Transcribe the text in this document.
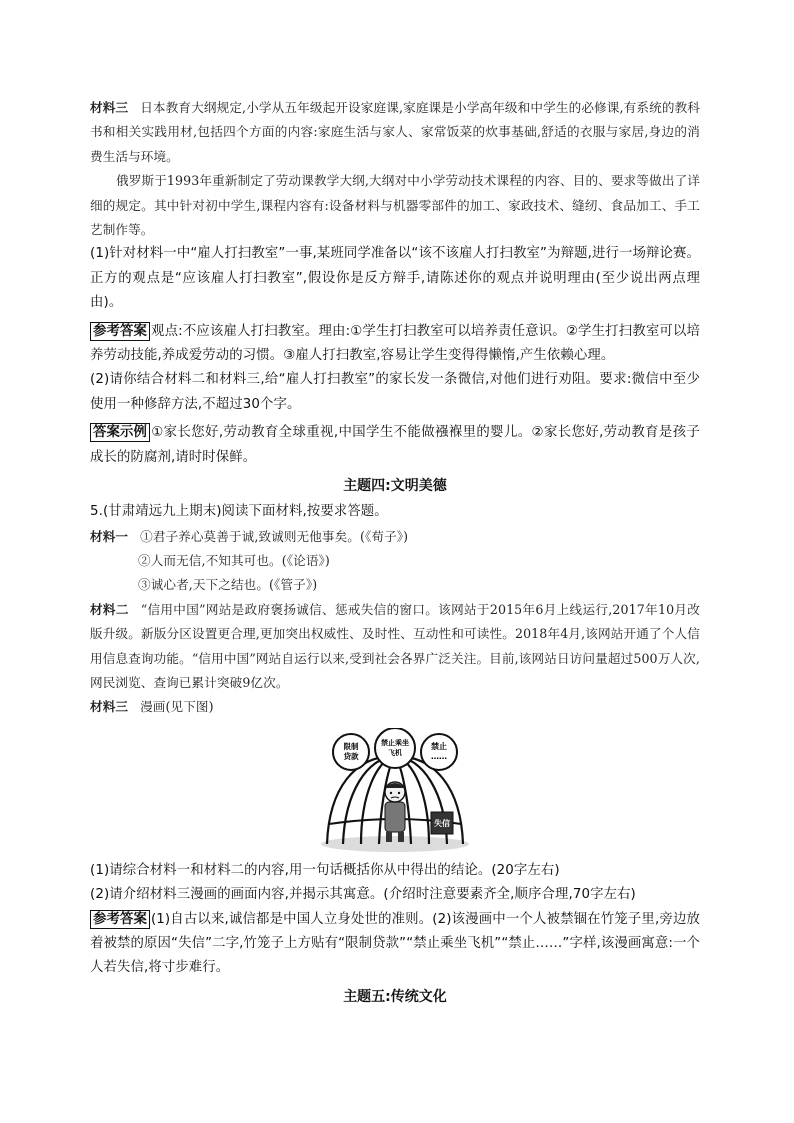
材料三 日本教育大纲规定,小学从五年级起开设家庭课,家庭课是小学高年级和中学生的必修课,有系统的教科书和相关实践用材,包括四个方面的内容:家庭生活与家人、家常饭菜的炊事基础,舒适的衣服与家居,身边的消费生活与环境。

俄罗斯于1993年重新制定了劳动课教学大纲,大纲对中小学劳动技术课程的内容、目的、要求等做出了详细的规定。其中针对初中学生,课程内容有:设备材料与机器零部件的加工、家政技术、缝纫、食品加工、手工艺制作等。

(1)针对材料一中“雇人打扫教室”一事,某班同学准备以“该不该雇人打扫教室”为辩题,进行一场辩论赛。正方的观点是“应该雇人打扫教室”,假设你是反方辩手,请陈述你的观点并说明理由(至少说出两点理由)。

参考答案 观点:不应该雇人打扫教室。理由:①学生打扫教室可以培养责任意识。②学生打扫教室可以培养劳动技能,养成爱劳动的习惯。③雇人打扫教室,容易让学生变得得懒惰,产生依赖心理。

(2)请你结合材料二和材料三,给“雇人打扫教室”的家长发一条微信,对他们进行劝阻。要求:微信中至少使用一种修辞方法,不超过30个字。

答案示例 ①家长您好,劳动教育全球重视,中国学生不能做襁褓里的婴儿。②家长您好,劳动教育是孩子成长的防腐剂,请时时保鲜。

主题四:文明美德

5.(甘肃靖远九上期末)阅读下面材料,按要求答题。

材料一 ①君子养心莫善于诚,致诚则无他事矣。(《荀子》)

②人而无信,不知其可也。(《论语》)

③诚心者,天下之结也。(《管子》)

材料二 “信用中国”网站是政府褒扬诚信、惩戒失信的窗口。该网站于2015年6月上线运行,2017年10月改版升级。新版分区设置更合理,更加突出权威性、及时性、互动性和可读性。2018年4月,该网站开通了个人信用信息查询功能。“信用中国”网站自运行以来,受到社会各界广泛关注。目前,该网站日访问量超过500万人次,网民浏览、查询已累计突破9亿次。

材料三 漫画(见下图)

限制贷款
禁止乘坐飞机
禁止……
失信

(1)请综合材料一和材料二的内容,用一句话概括你从中得出的结论。(20字左右)

(2)请介绍材料三漫画的画面内容,并揭示其寓意。(介绍时注意要素齐全,顺序合理,70字左右)

参考答案 (1)自古以来,诚信都是中国人立身处世的准则。(2)该漫画中一个人被禁锢在竹笼子里,旁边放着被禁的原因“失信”二字,竹笼子上方贴有“限制贷款”“禁止乘坐飞机”“禁止……”字样,该漫画寓意:一个人若失信,将寸步难行。

主题五:传统文化
